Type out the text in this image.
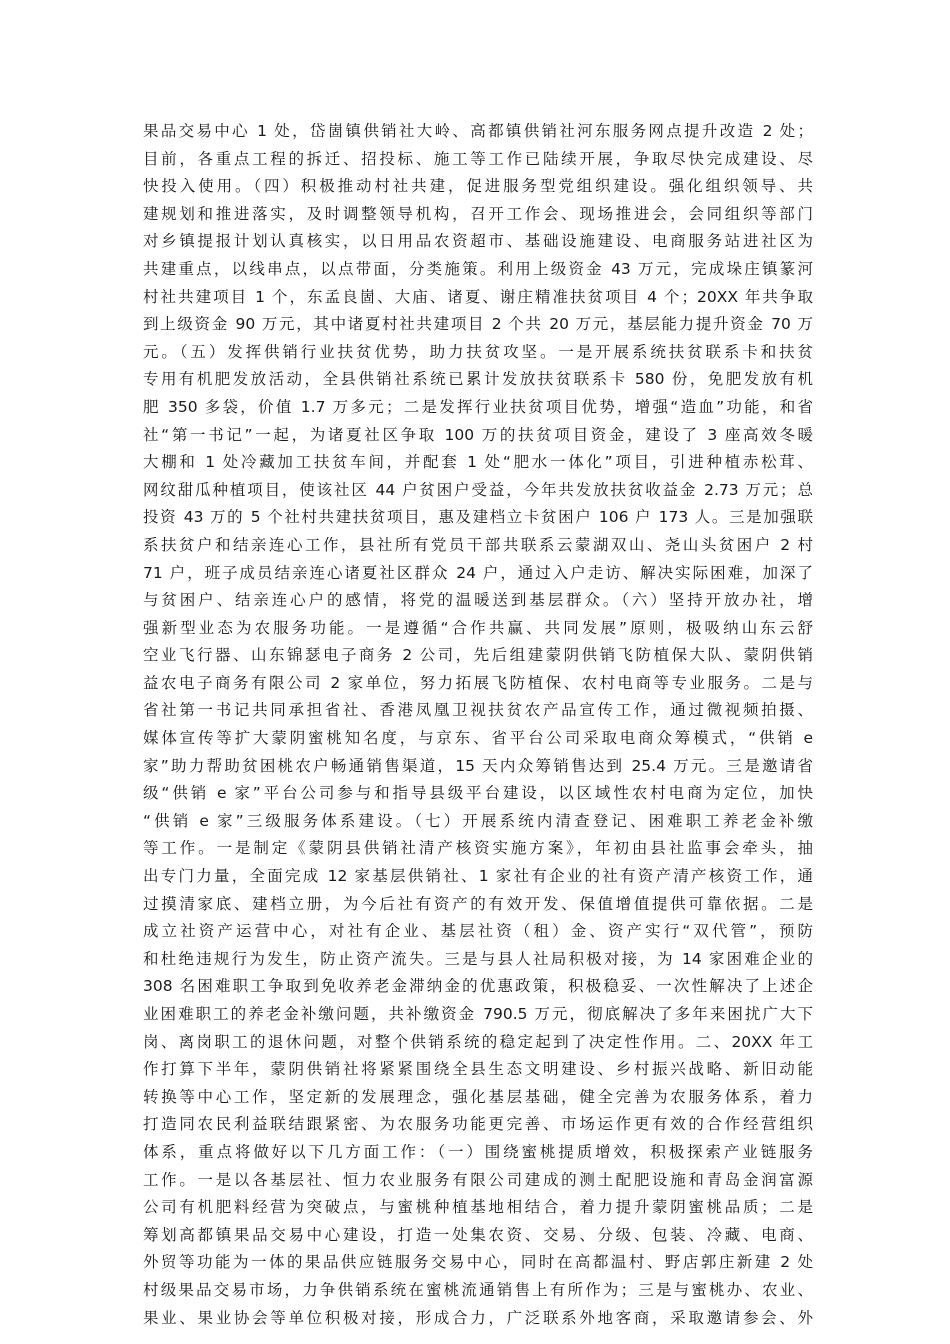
果品交易中心 1 处，岱崮镇供销社大岭、高都镇供销社河东服务网点提升改造 2 处；
目前，各重点工程的拆迁、招投标、施工等工作已陆续开展，争取尽快完成建设、尽
快投入使用。（四）积极推动村社共建，促进服务型党组织建设。强化组织领导、共
建规划和推进落实，及时调整领导机构，召开工作会、现场推进会，会同组织等部门
对乡镇提报计划认真核实，以日用品农资超市、基础设施建设、电商服务站进社区为
共建重点，以线串点，以点带面，分类施策。利用上级资金 43 万元，完成垛庄镇篆河
村社共建项目 1 个，东孟良崮、大庙、诸夏、谢庄精准扶贫项目 4 个；20XX 年共争取
到上级资金 90 万元，其中诸夏村社共建项目 2 个共 20 万元，基层能力提升资金 70 万
元。（五）发挥供销行业扶贫优势，助力扶贫攻坚。一是开展系统扶贫联系卡和扶贫
专用有机肥发放活动，全县供销社系统已累计发放扶贫联系卡 580 份，免肥发放有机
肥 350 多袋，价值 1.7 万多元；二是发挥行业扶贫项目优势，增强“造血”功能，和省
社“第一书记”一起，为诸夏社区争取 100 万的扶贫项目资金，建设了 3 座高效冬暖
大棚和 1 处冷藏加工扶贫车间，并配套 1 处“肥水一体化”项目，引进种植赤松茸、
网纹甜瓜种植项目，使该社区 44 户贫困户受益，今年共发放扶贫收益金 2.73 万元；总
投资 43 万的 5 个社村共建扶贫项目，惠及建档立卡贫困户 106 户 173 人。三是加强联
系扶贫户和结亲连心工作，县社所有党员干部共联系云蒙湖双山、尧山头贫困户 2 村
71 户，班子成员结亲连心诸夏社区群众 24 户，通过入户走访、解决实际困难，加深了
与贫困户、结亲连心户的感情，将党的温暖送到基层群众。（六）坚持开放办社，增
强新型业态为农服务功能。一是遵循“合作共赢、共同发展”原则，极吸纳山东云舒
空业飞行器、山东锦瑟电子商务 2 公司，先后组建蒙阴供销飞防植保大队、蒙阴供销
益农电子商务有限公司 2 家单位，努力拓展飞防植保、农村电商等专业服务。二是与
省社第一书记共同承担省社、香港凤凰卫视扶贫农产品宣传工作，通过微视频拍摄、
媒体宣传等扩大蒙阴蜜桃知名度，与京东、省平台公司采取电商众筹模式，“供销 e
家”助力帮助贫困桃农户畅通销售渠道，15 天内众筹销售达到 25.4 万元。三是邀请省
级“供销 e 家”平台公司参与和指导县级平台建设，以区域性农村电商为定位，加快
“供销 e 家”三级服务体系建设。（七）开展系统内清查登记、困难职工养老金补缴
等工作。一是制定《蒙阴县供销社清产核资实施方案》，年初由县社监事会牵头，抽
出专门力量，全面完成 12 家基层供销社、1 家社有企业的社有资产清产核资工作，通
过摸清家底、建档立册，为今后社有资产的有效开发、保值增值提供可靠依据。二是
成立社资产运营中心，对社有企业、基层社资（租）金、资产实行“双代管”，预防
和杜绝违规行为发生，防止资产流失。三是与县人社局积极对接，为 14 家困难企业的
308 名困难职工争取到免收养老金滞纳金的优惠政策，积极稳妥、一次性解决了上述企
业困难职工的养老金补缴问题，共补缴资金 790.5 万元，彻底解决了多年来困扰广大下
岗、离岗职工的退休问题，对整个供销系统的稳定起到了决定性作用。二、20XX 年工
作打算下半年，蒙阴供销社将紧紧围绕全县生态文明建设、乡村振兴战略、新旧动能
转换等中心工作，坚定新的发展理念，强化基层基础，健全完善为农服务体系，着力
打造同农民利益联结跟紧密、为农服务功能更完善、市场运作更有效的合作经营组织
体系，重点将做好以下几方面工作：（一）围绕蜜桃提质增效，积极探索产业链服务
工作。一是以各基层社、恒力农业服务有限公司建成的测土配肥设施和青岛金润富源
公司有机肥料经营为突破点，与蜜桃种植基地相结合，着力提升蒙阴蜜桃品质；二是
筹划高都镇果品交易中心建设，打造一处集农资、交易、分级、包装、冷藏、电商、
外贸等功能为一体的果品供应链服务交易中心，同时在高都温村、野店郭庄新建 2 处
村级果品交易市场，力争供销系统在蜜桃流通销售上有所作为；三是与蜜桃办、农业、
果业、果业协会等单位积极对接，形成合力，广泛联系外地客商，采取邀请参会、外
